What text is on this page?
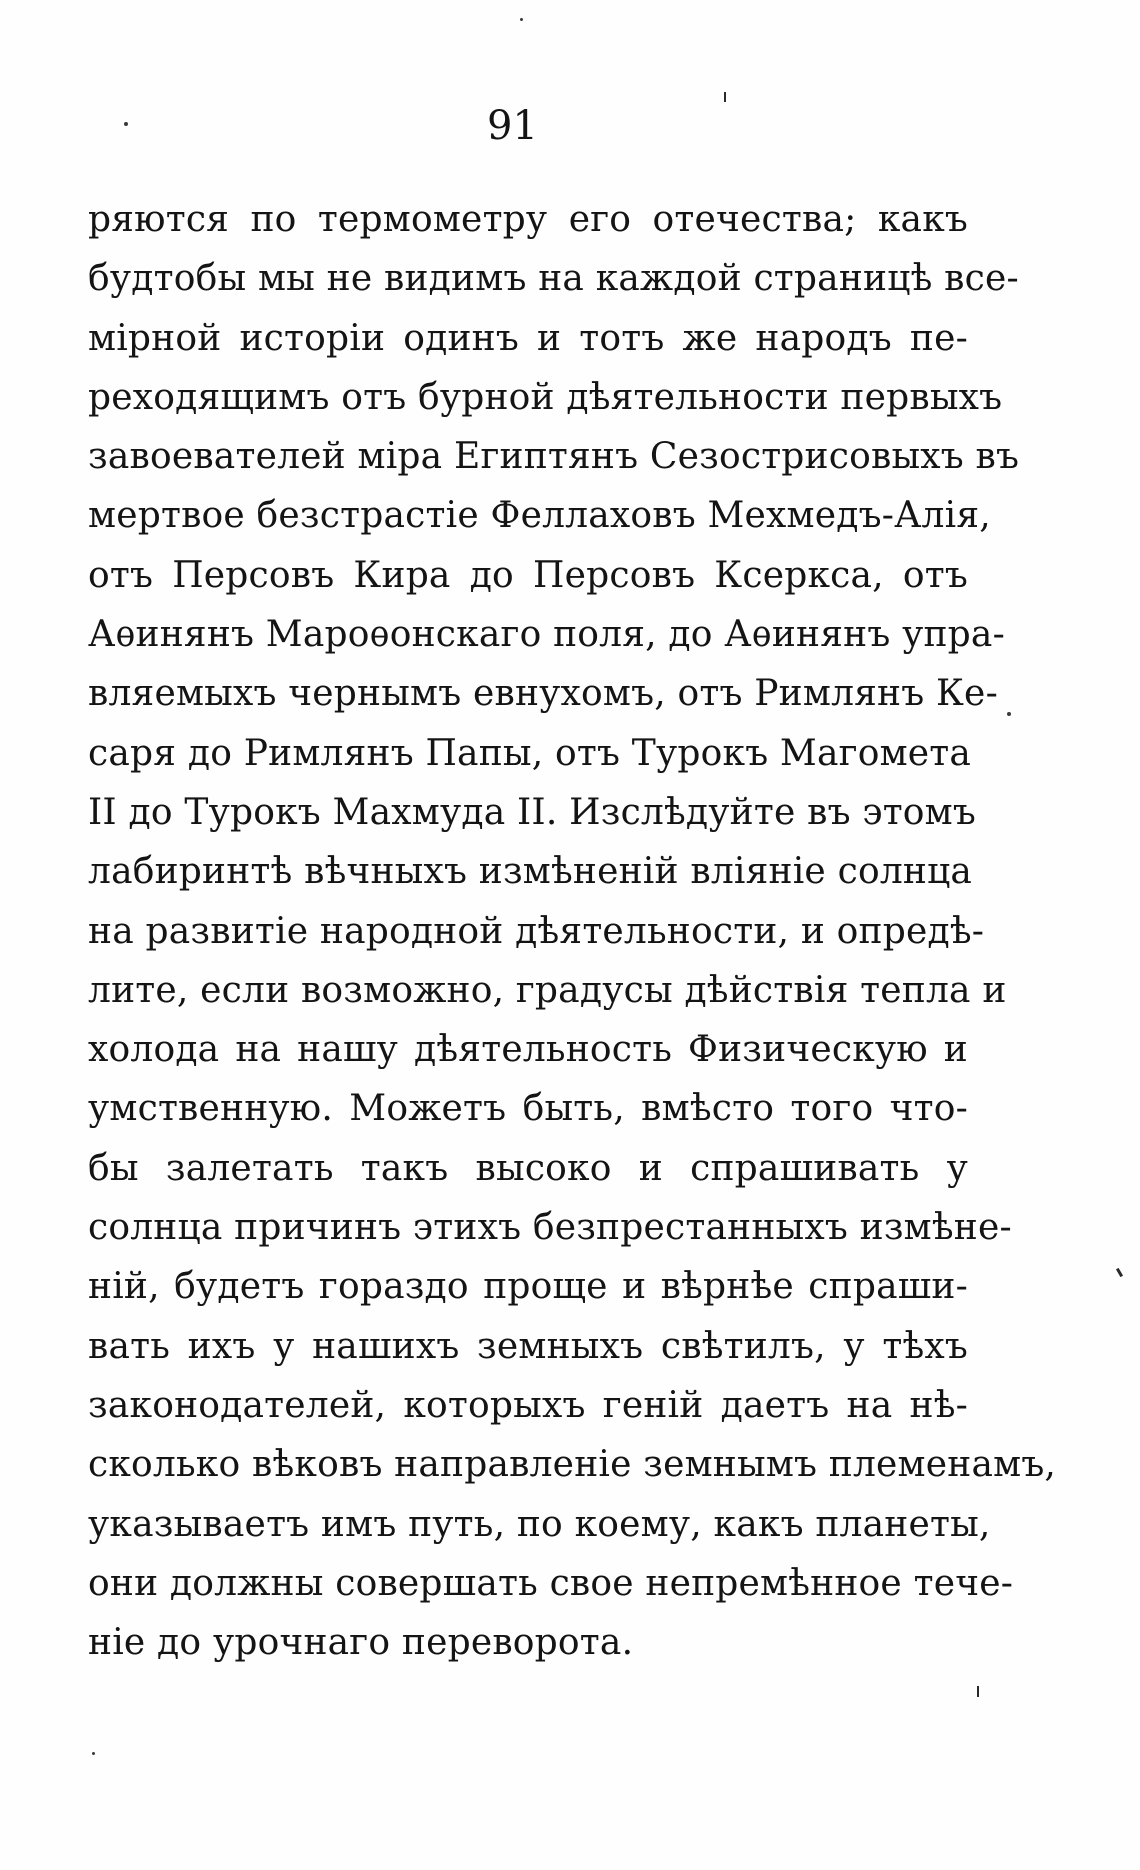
91
ряются по термометру его отечества; какъ
будтобы мы не видимъ на каждой страницѣ все-
мірной исторіи одинъ и тотъ же народъ пе-
реходящимъ отъ бурной дѣятельности первыхъ
завоевателей міра Египтянъ Сезострисовыхъ въ
мертвое безстрастіе Феллаховъ Мехмедъ-Алія,
отъ Персовъ Кира до Персовъ Ксеркса, отъ
Аѳинянъ Мароѳонскаго поля, до Аѳинянъ упра-
вляемыхъ чернымъ евнухомъ, отъ Римлянъ Ке-
саря до Римлянъ Папы, отъ Турокъ Магомета
II до Турокъ Махмуда II. Изслѣдуйте въ этомъ
лабиринтѣ вѣчныхъ измѣненій вліяніе солнца
на развитіе народной дѣятельности, и опредѣ-
лите, если возможно, градусы дѣйствія тепла и
холода на нашу дѣятельность Физическую и
умственную. Можетъ быть, вмѣсто того что-
бы залетать такъ высоко и спрашивать у
солнца причинъ этихъ безпрестанныхъ измѣне-
ній, будетъ гораздо проще и вѣрнѣе спраши-
вать ихъ у нашихъ земныхъ свѣтилъ, у тѣхъ
законодателей, которыхъ геній даетъ на нѣ-
сколько вѣковъ направленіе земнымъ племенамъ,
указываетъ имъ путь, по коему, какъ планеты,
они должны совершать свое непремѣнное тече-
ніе до урочнаго переворота.
